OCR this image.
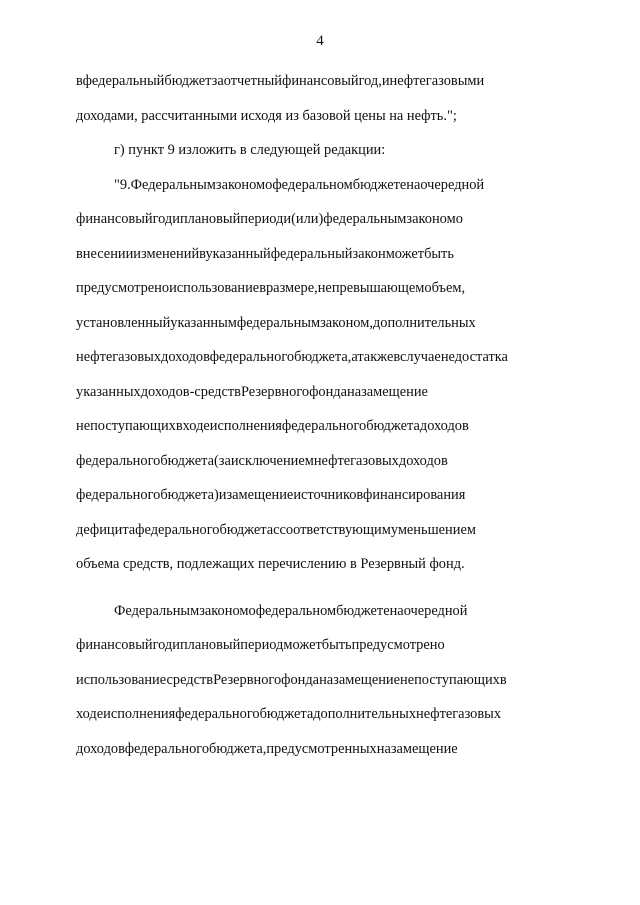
4
вфедеральныйбюджетзаотчетныйфинансовыйгод,инефтегазовыми
доходами, рассчитанными исходя из базовой цены на нефть.";
г) пункт 9 изложить в следующей редакции:
"9.Федеральнымзакономофедеральномбюджетенаочередной
финансовыйгодиплановыйпериоди(или)федеральнымзакономо
внесенииизмененийвуказанныйфедеральныйзаконможетбыть
предусмотреноиспользованиевразмере,непревышающемобъем,
установленныйуказаннымфедеральнымзаконом,дополнительных
нефтегазовыхдоходовфедеральногобюджета,атакжевслучаенедостатка
указанныхдоходов-средствРезервногофонданазамещение
непоступающихвходеисполненияфедеральногобюджетадоходов
федеральногобюджета(заисключениемнефтегазовыхдоходов
федеральногобюджета)изамещениеисточниковфинансирования
дефицитафедеральногобюджетассоответствующимуменьшением
объема средств, подлежащих перечислению в Резервный фонд.
Федеральнымзакономофедеральномбюджетенаочередной
финансовыйгодиплановыйпериодможетбытьпредусмотрено
использованиесредствРезервногофонданазамещениенепоступающихв
ходеисполненияфедеральногобюджетадополнительныхнефтегазовых
доходовфедеральногобюджета,предусмотренныхназамещение
